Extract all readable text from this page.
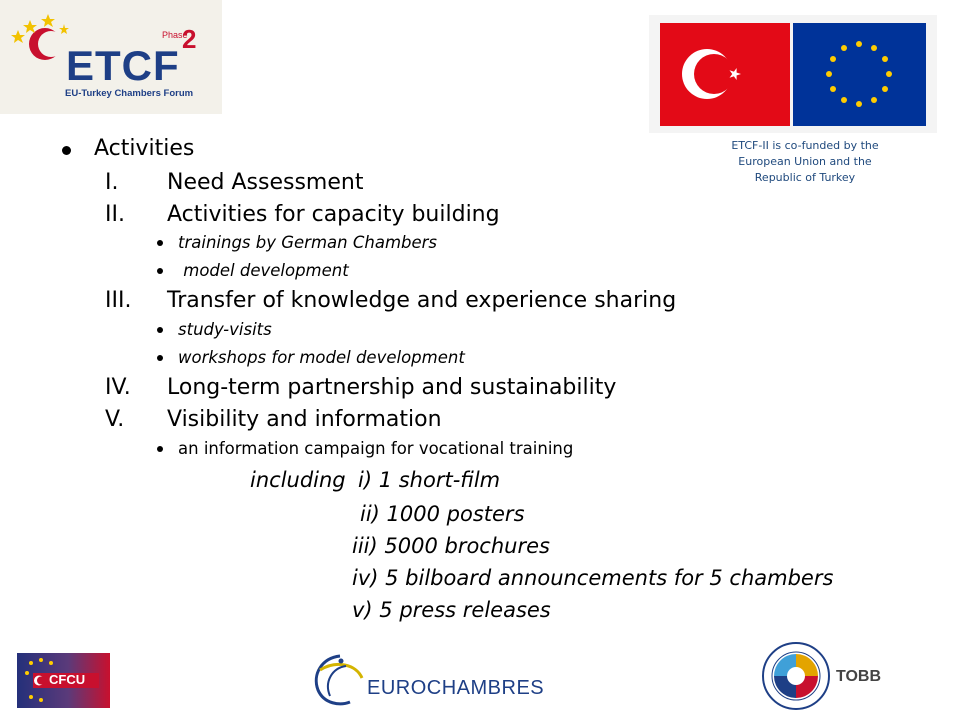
ETCF
Phase
2
EU-Turkey Chambers Forum
ETCF-II is co-funded by the
European Union and the
Republic of Turkey
Activities
I. Need Assessment
II. Activities for capacity building
trainings by German Chambers
model development
III. Transfer of knowledge and experience sharing
study-visits
workshops for model development
IV. Long-term partnership and sustainability
V. Visibility and information
an information campaign for vocational training
including i) 1 short-film
ii) 1000 posters
iii) 5000 brochures
iv) 5 bilboard announcements for 5 chambers
v) 5 press releases
CFCU	EUROCHAMBRES
TOBB
